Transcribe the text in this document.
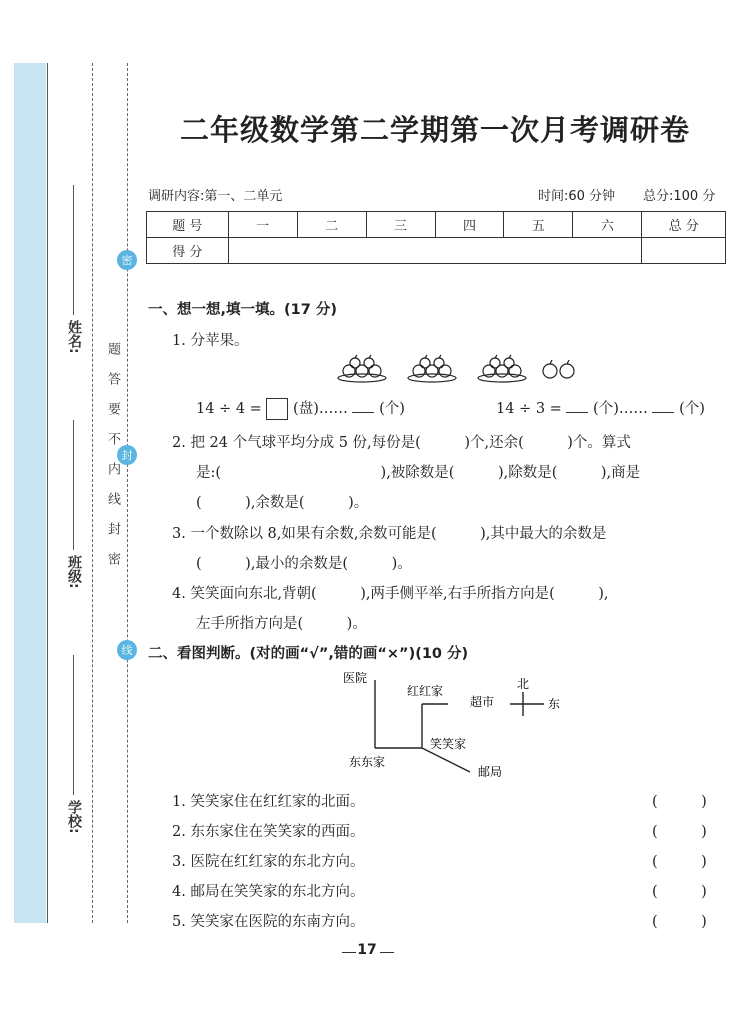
姓名:
班级:
学校:
题
答
要
不
内
线
封
密
密
封
线
二年级数学第二学期第一次月考调研卷
调研内容:第一、二单元	时间:60 分钟 总分:100 分
题 号	一	二	三	四	五	六	总 分
得 分							
一、想一想,填一填。(17 分)
1. 分苹果。
14 ÷ 4 = (盘)…… (个)	14 ÷ 3 = (个)…… (个)
2. 把 24 个气球平均分成 5 份,每份是(　　　)个,还余(　　　)个。算式
是:(　　　　　　　　　　　),被除数是(　　　),除数是(　　　),商是
(　　　),余数是(　　　)。
3. 一个数除以 8,如果有余数,余数可能是(　　　),其中最大的余数是
(　　　),最小的余数是(　　　)。
4. 笑笑面向东北,背朝(　　　),两手侧平举,右手所指方向是(　　　),
左手所指方向是(　　　)。
二、看图判断。(对的画“√”,错的画“×”)(10 分)
医院
红红家
超市
笑笑家
东东家
邮局
北
东
1. 笑笑家住在红红家的北面。	(　　　)
2. 东东家住在笑笑家的西面。	(　　　)
3. 医院在红红家的东北方向。	(　　　)
4. 邮局在笑笑家的东北方向。	(　　　)
5. 笑笑家在医院的东南方向。	(　　　)
17
